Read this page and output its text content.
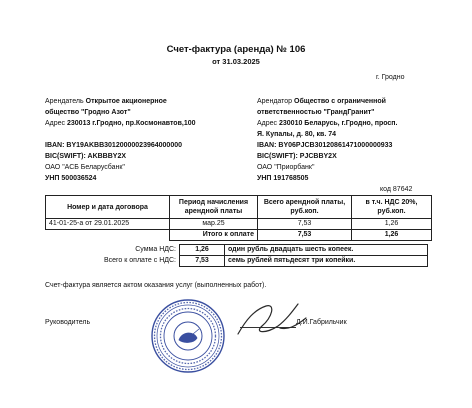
Счет-фактура (аренда) № 106
от 31.03.2025
г. Гродно
Арендатель Открытое акционерное
общество "Гродно Азот"
Адрес 230013 г.Гродно, пр.Космонавтов,100
IBAN: BY19AKBB30120000023964000000
BIC(SWIFT): AKBBBY2X
ОАО "АСБ Беларусбанк"
УНП 500036524
Арендатор Общество с ограниченной
ответственностью "ГрандГранит"
Адрес 230010 Беларусь, г.Гродно, просп.
Я. Купалы, д. 80, кв. 74
IBAN: BY06PJCB30120861471000000933
BIC(SWIFT): PJCBBY2X
ОАО "Приорбанк"
УНП 191768505
код 87642
Номер и дата договора	Период начисления арендной платы	Всего арендной платы, руб.коп.	в т.ч. НДС 20%, руб.коп.
41-01-25-а от 29.01.2025	мар.25	7,53	1,26
	Итого к оплате	7,53	1,26
Сумма НДС:	1,26	один рубль двадцать шесть копеек.
Всего к оплате с НДС:	7,53	семь рублей пятьдесят три копейки.
Счет-фактура является актом оказания услуг (выполненных работ).
Руководитель	Д.И.Габрильчик
